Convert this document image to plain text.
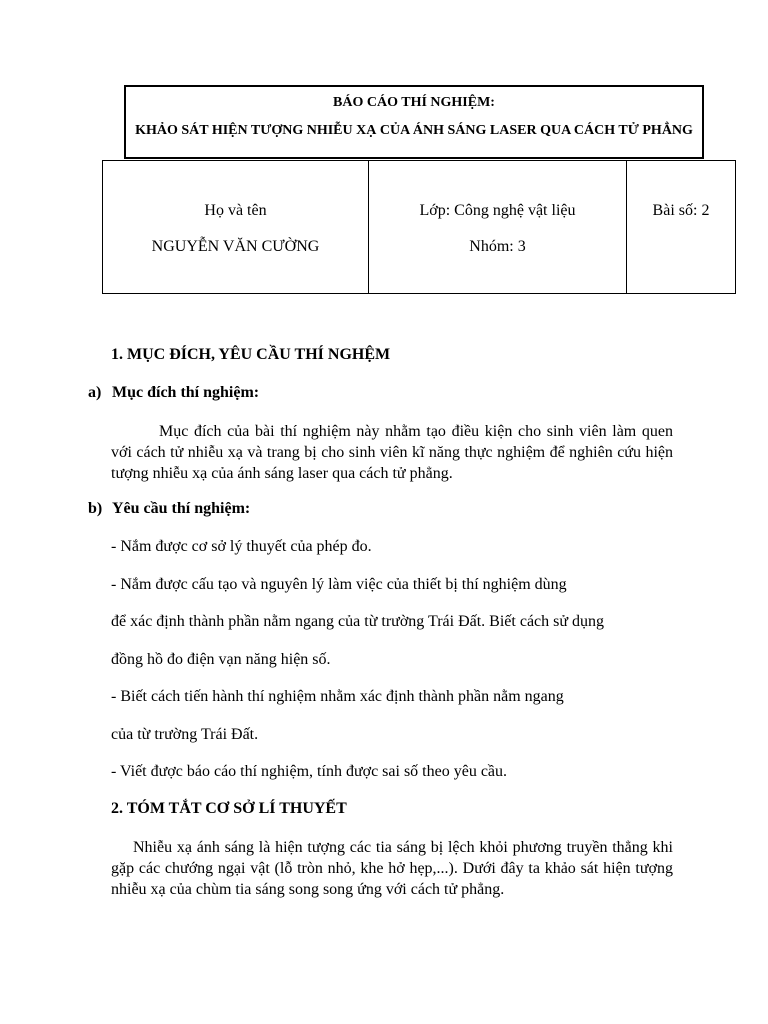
BÁO CÁO THÍ NGHIỆM:
KHẢO SÁT HIỆN TƯỢNG NHIỄU XẠ CỦA ÁNH SÁNG LASER QUA CÁCH TỬ PHẲNG

Họ và tên

NGUYỄN VĂN CƯỜNG

Lớp: Công nghệ vật liệu

Nhóm: 3

Bài số: 2

1. MỤC ĐÍCH, YÊU CẦU THÍ NGHỆM

a) Mục đích thí nghiệm:

Mục đích của bài thí nghiệm này nhằm tạo điều kiện cho sinh viên làm quen với cách tử nhiễu xạ và trang bị cho sinh viên kĩ năng thực nghiệm để nghiên cứu hiện tượng nhiễu xạ của ánh sáng laser qua cách tử phẳng.

b) Yêu cầu thí nghiệm:

- Nắm được cơ sở lý thuyết của phép đo.

- Nắm được cấu tạo và nguyên lý làm việc của thiết bị thí nghiệm dùng

để xác định thành phần nằm ngang của từ trường Trái Đất. Biết cách sử dụng

đồng hồ đo điện vạn năng hiện số.

- Biết cách tiến hành thí nghiệm nhằm xác định thành phần nằm ngang

của từ trường Trái Đất.

- Viết được báo cáo thí nghiệm, tính được sai số theo yêu cầu.

2. TÓM TẮT CƠ SỞ LÍ THUYẾT

Nhiễu xạ ánh sáng là hiện tượng các tia sáng bị lệch khỏi phương truyền thẳng khi gặp các chướng ngại vật (lỗ tròn nhỏ, khe hở hẹp,...). Dưới đây ta khảo sát hiện tượng nhiễu xạ của chùm tia sáng song song ứng với cách tử phẳng.
